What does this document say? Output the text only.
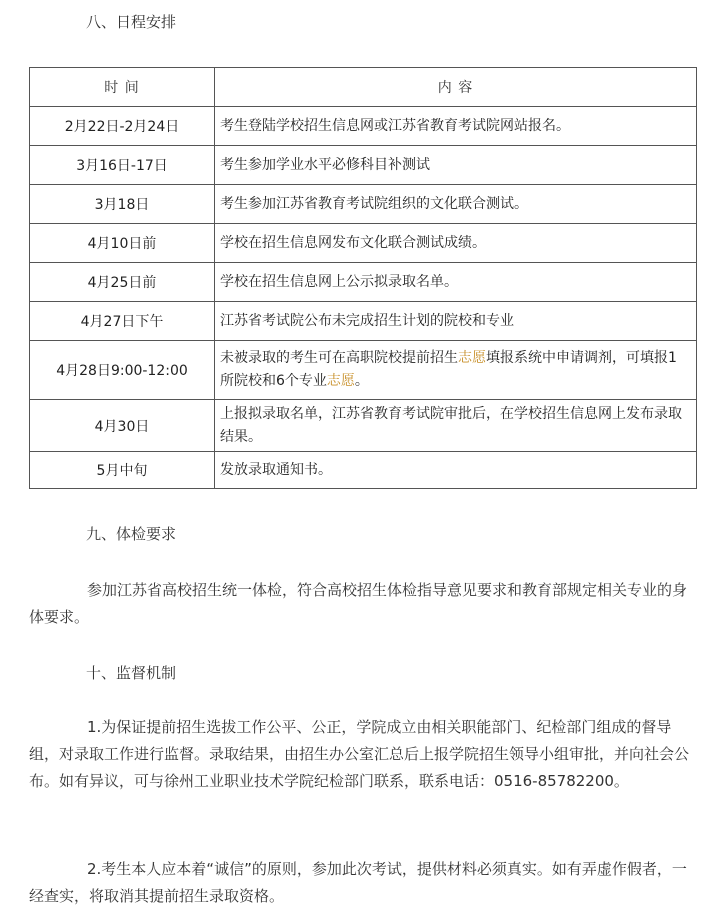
八、日程安排
时 间	内 容
2月22日-2月24日	考生登陆学校招生信息网或江苏省教育考试院网站报名。
3月16日-17日	考生参加学业水平必修科目补测试
3月18日	考生参加江苏省教育考试院组织的文化联合测试。
4月10日前	学校在招生信息网发布文化联合测试成绩。
4月25日前	学校在招生信息网上公示拟录取名单。
4月27日下午	江苏省考试院公布未完成招生计划的院校和专业
4月28日9:00-12:00	未被录取的考生可在高职院校提前招生志愿填报系统中申请调剂，可填报1所院校和6个专业志愿。
4月30日	上报拟录取名单，江苏省教育考试院审批后，在学校招生信息网上发布录取结果。
5月中旬	发放录取通知书。
九、体检要求
参加江苏省高校招生统一体检，符合高校招生体检指导意见要求和教育部规定相关专业的身体要求。
十、监督机制
1.为保证提前招生选拔工作公平、公正，学院成立由相关职能部门、纪检部门组成的督导组，对录取工作进行监督。录取结果，由招生办公室汇总后上报学院招生领导小组审批，并向社会公布。如有异议，可与徐州工业职业技术学院纪检部门联系，联系电话：0516-85782200。
2.考生本人应本着“诚信”的原则，参加此次考试，提供材料必须真实。如有弄虚作假者，一经查实，将取消其提前招生录取资格。
